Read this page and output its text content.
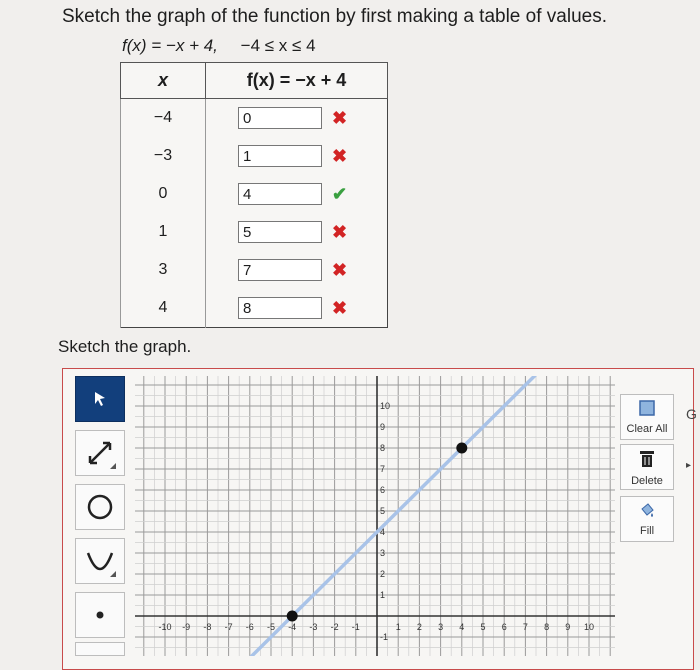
Sketch the graph of the function by first making a table of values.
f(x) = −x + 4, −4 ≤ x ≤ 4
x	f(x) = −x + 4
−4	0 ✖
−3	1 ✖
0	4 ✔
1	5 ✖
3	7 ✖
4	8 ✖
Sketch the graph.
Clear All
Delete
Fill
G
▸
-10 -9 -8 -7 -6 -5 -4 -3 -2 -1	1 2 3 4 5 6 7 8 9 10
10
9
8
7
6
5
4
3
2
1
-1
